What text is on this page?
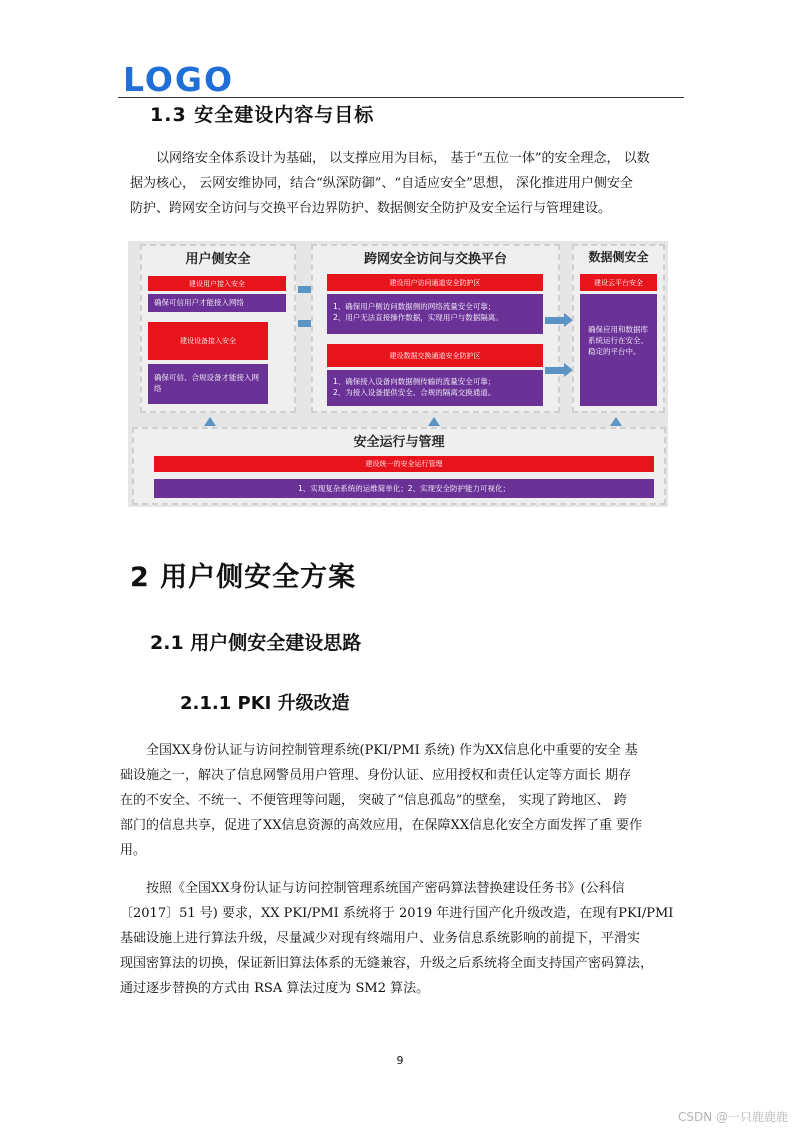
LOGO
1.3 安全建设内容与目标
　　以网络安全体系设计为基础， 以支撑应用为目标， 基于“五位一体”的安全理念， 以数
据为核心， 云网安维协同，结合“纵深防御”、“自适应安全”思想， 深化推进用户侧安全
防护、跨网安全访问与交换平台边界防护、数据侧安全防护及安全运行与管理建设。
用户侧安全
建设用户接入安全
确保可信用户才能接入网络
建设设备接入安全
确保可信、合规设备才能接入网络
跨网安全访问与交换平台
建设用户访问通道安全防护区
1、确保用户侧访问数据侧的网络流量安全可靠；
2、用户无法直接操作数据，实现用户与数据隔离。
建设数据交换通道安全防护区
1、确保接入设备向数据侧传输的流量安全可靠；
2、为接入设备提供安全、合规的隔离交换通道。
数据侧安全
建设云平台安全
确保应用和数据库系统运行在安全、稳定的平台中。
安全运行与管理
建设统一的安全运行管理
1、实现复杂系统的运维简单化；2、实现安全防护能力可视化；
2 用户侧安全方案
2.1 用户侧安全建设思路
2.1.1 PKI 升级改造
　　全国XX身份认证与访问控制管理系统(PKI/PMI 系统) 作为XX信息化中重要的安全 基
础设施之一，解决了信息网警员用户管理、身份认证、应用授权和责任认定等方面长 期存
在的不安全、不统一、不便管理等问题， 突破了“信息孤岛”的壁垒， 实现了跨地区、 跨
部门的信息共享，促进了XX信息资源的高效应用，在保障XX信息化安全方面发挥了重 要作
用。
　　按照《全国XX身份认证与访问控制管理系统国产密码算法替换建设任务书》(公科信
〔2017〕51 号) 要求，XX PKI/PMI 系统将于 2019 年进行国产化升级改造，在现有PKI/PMI
基础设施上进行算法升级，尽量减少对现有终端用户、业务信息系统影响的前提下，平滑实
现国密算法的切换，保证新旧算法体系的无缝兼容，升级之后系统将全面支持国产密码算法，
通过逐步替换的方式由 RSA 算法过度为 SM2 算法。
9
CSDN @一只鹿鹿鹿
